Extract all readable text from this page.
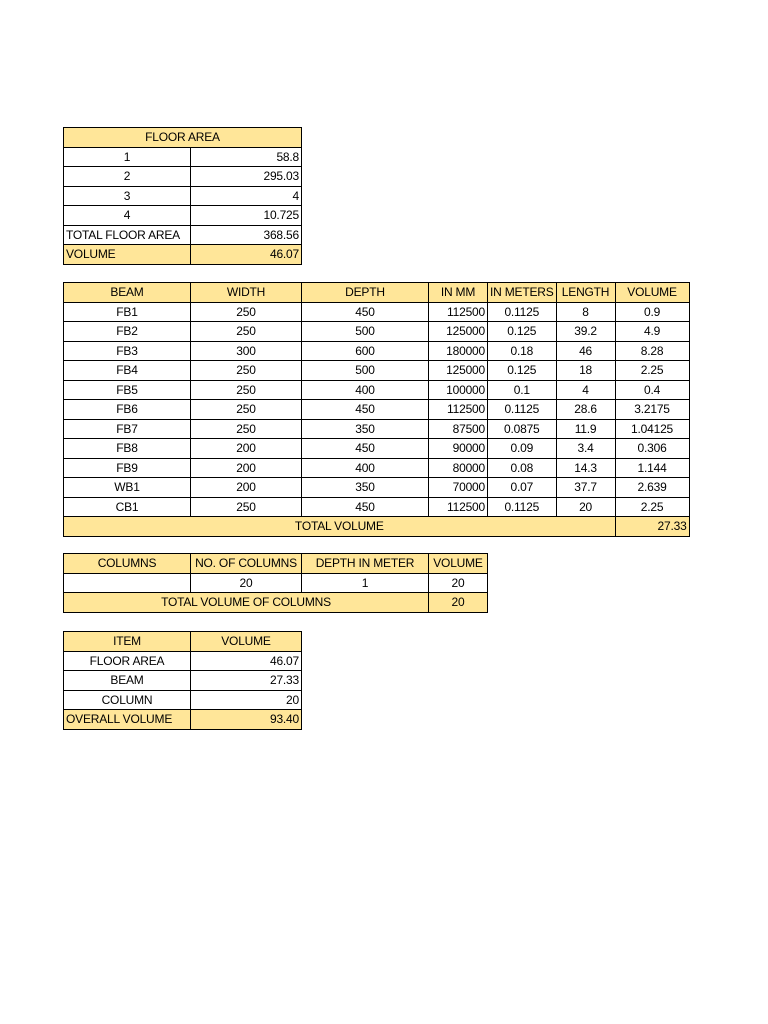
FLOOR AREA	
1	58.8
2	295.03
3	4
4	10.725
TOTAL FLOOR AREA	368.56
VOLUME	46.07
BEAM	WIDTH	DEPTH	IN MM	IN METERS	LENGTH	VOLUME
FB1	250	450	112500	0.1125	8	0.9
FB2	250	500	125000	0.125	39.2	4.9
FB3	300	600	180000	0.18	46	8.28
FB4	250	500	125000	0.125	18	2.25
FB5	250	400	100000	0.1	4	0.4
FB6	250	450	112500	0.1125	28.6	3.2175
FB7	250	350	87500	0.0875	11.9	1.04125
FB8	200	450	90000	0.09	3.4	0.306
FB9	200	400	80000	0.08	14.3	1.144
WB1	200	350	70000	0.07	37.7	2.639
CB1	250	450	112500	0.1125	20	2.25
TOTAL VOLUME						27.33
COLUMNS	NO. OF COLUMNS	DEPTH IN METER	VOLUME
	20	1	20
TOTAL VOLUME OF COLUMNS			20
ITEM	VOLUME
FLOOR AREA	46.07
BEAM	27.33
COLUMN	20
OVERALL VOLUME	93.40
